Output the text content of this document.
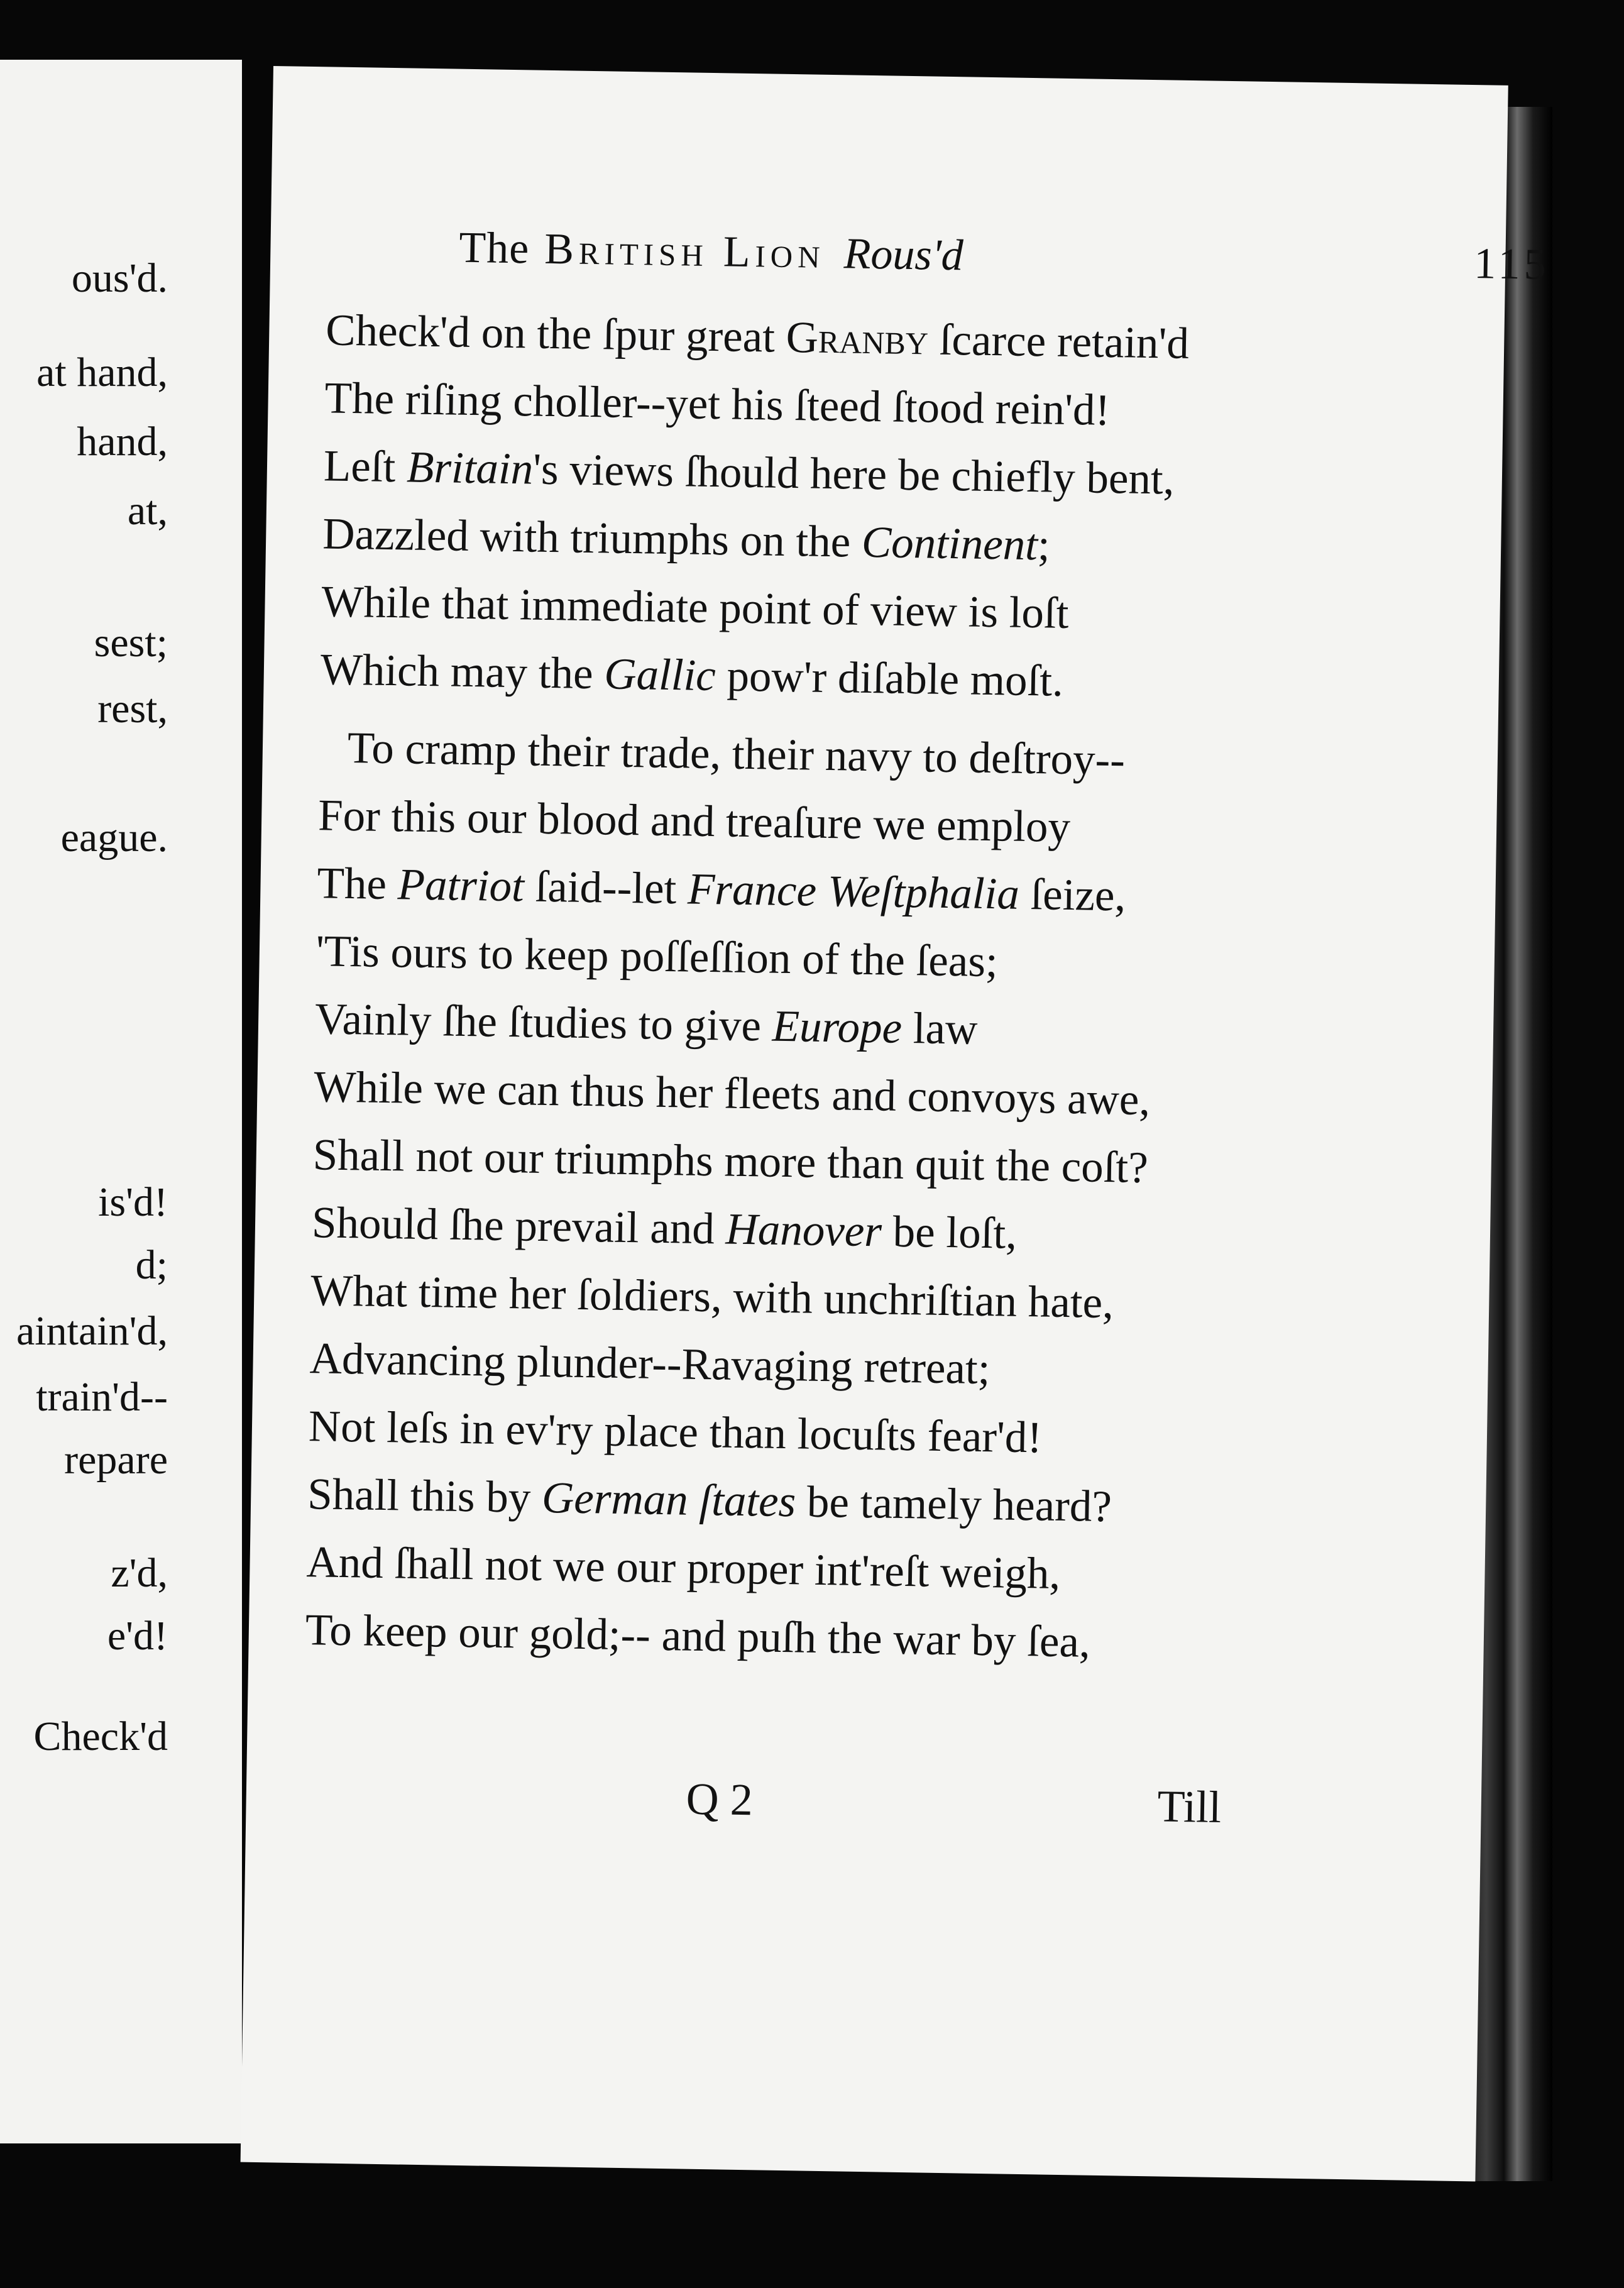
ous'd.
at hand,
hand,
at,
sest;
rest,
eague.
is'd!
d;
aintain'd,
train'd--
repare
z'd,
e'd!
Check'd
The British Lion Rous'd	115
Check'd on the ſpur great Granby ſcarce retain'd
The riſing choller--yet his ſteed ſtood rein'd!
Leſt Britain's views ſhould here be chiefly bent,
Dazzled with triumphs on the Continent;
While that immediate point of view is loſt
Which may the Gallic pow'r diſable moſt.
To cramp their trade, their navy to deſtroy--
For this our blood and treaſure we employ
The Patriot ſaid--let France Weſtphalia ſeize,
'Tis ours to keep poſſeſſion of the ſeas;
Vainly ſhe ſtudies to give Europe law
While we can thus her fleets and convoys awe,
Shall not our triumphs more than quit the coſt?
Should ſhe prevail and Hanover be loſt,
What time her ſoldiers, with unchriſtian hate,
Advancing plunder--Ravaging retreat;
Not leſs in ev'ry place than locuſts fear'd!
Shall this by German ſtates be tamely heard?
And ſhall not we our proper int'reſt weigh,
To keep our gold;-- and puſh the war by ſea,
Q 2	Till
